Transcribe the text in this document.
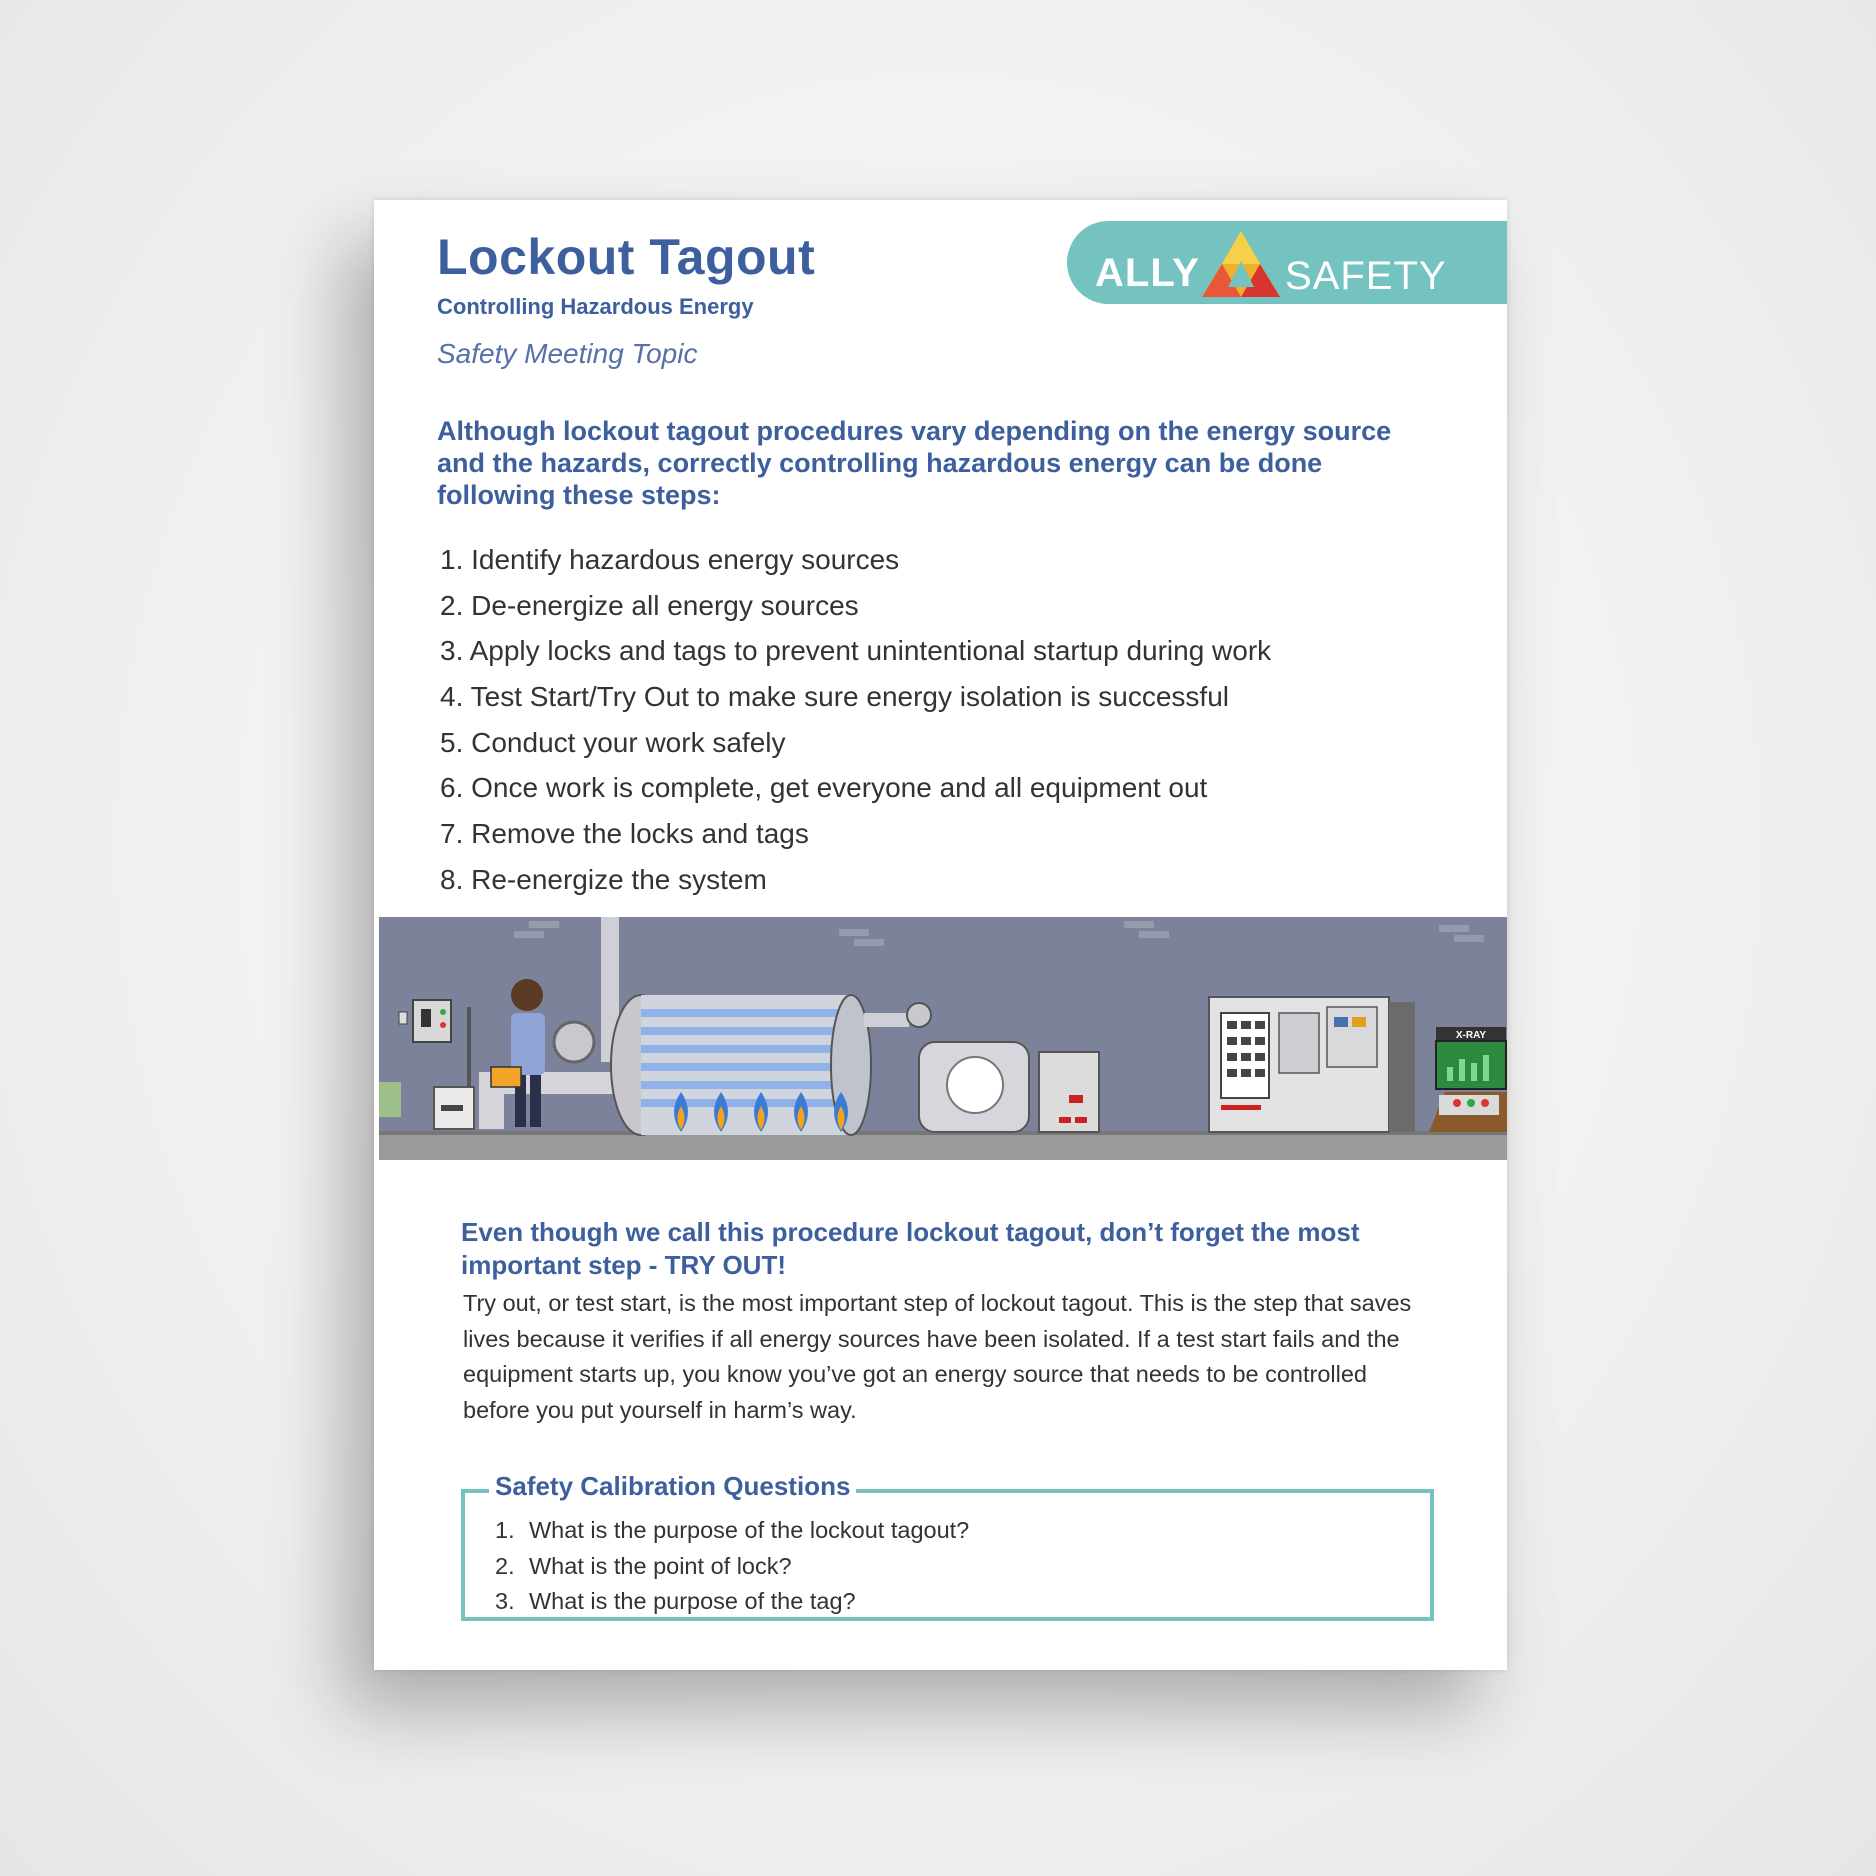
Lockout Tagout

Controlling Hazardous Energy

Safety Meeting Topic

ALLY SAFETY

Although lockout tagout procedures vary depending on the energy source and the hazards, correctly controlling hazardous energy can be done following these steps:

1. Identify hazardous energy sources
2. De-energize all energy sources
3. Apply locks and tags to prevent unintentional startup during work
4. Test Start/Try Out to make sure energy isolation is successful
5. Conduct your work safely
6. Once work is complete, get everyone and all equipment out
7. Remove the locks and tags
8. Re-energize the system
X-RAY

Even though we call this procedure lockout tagout, don’t forget the most important step - TRY OUT!

Try out, or test start, is the most important step of lockout tagout. This is the step that saves lives because it verifies if all energy sources have been isolated. If a test start fails and the equipment starts up, you know you’ve got an energy source that needs to be controlled before you put yourself in harm’s way.

Safety Calibration Questions
1. What is the purpose of the lockout tagout?
2. What is the point of lock?
3. What is the purpose of the tag?
